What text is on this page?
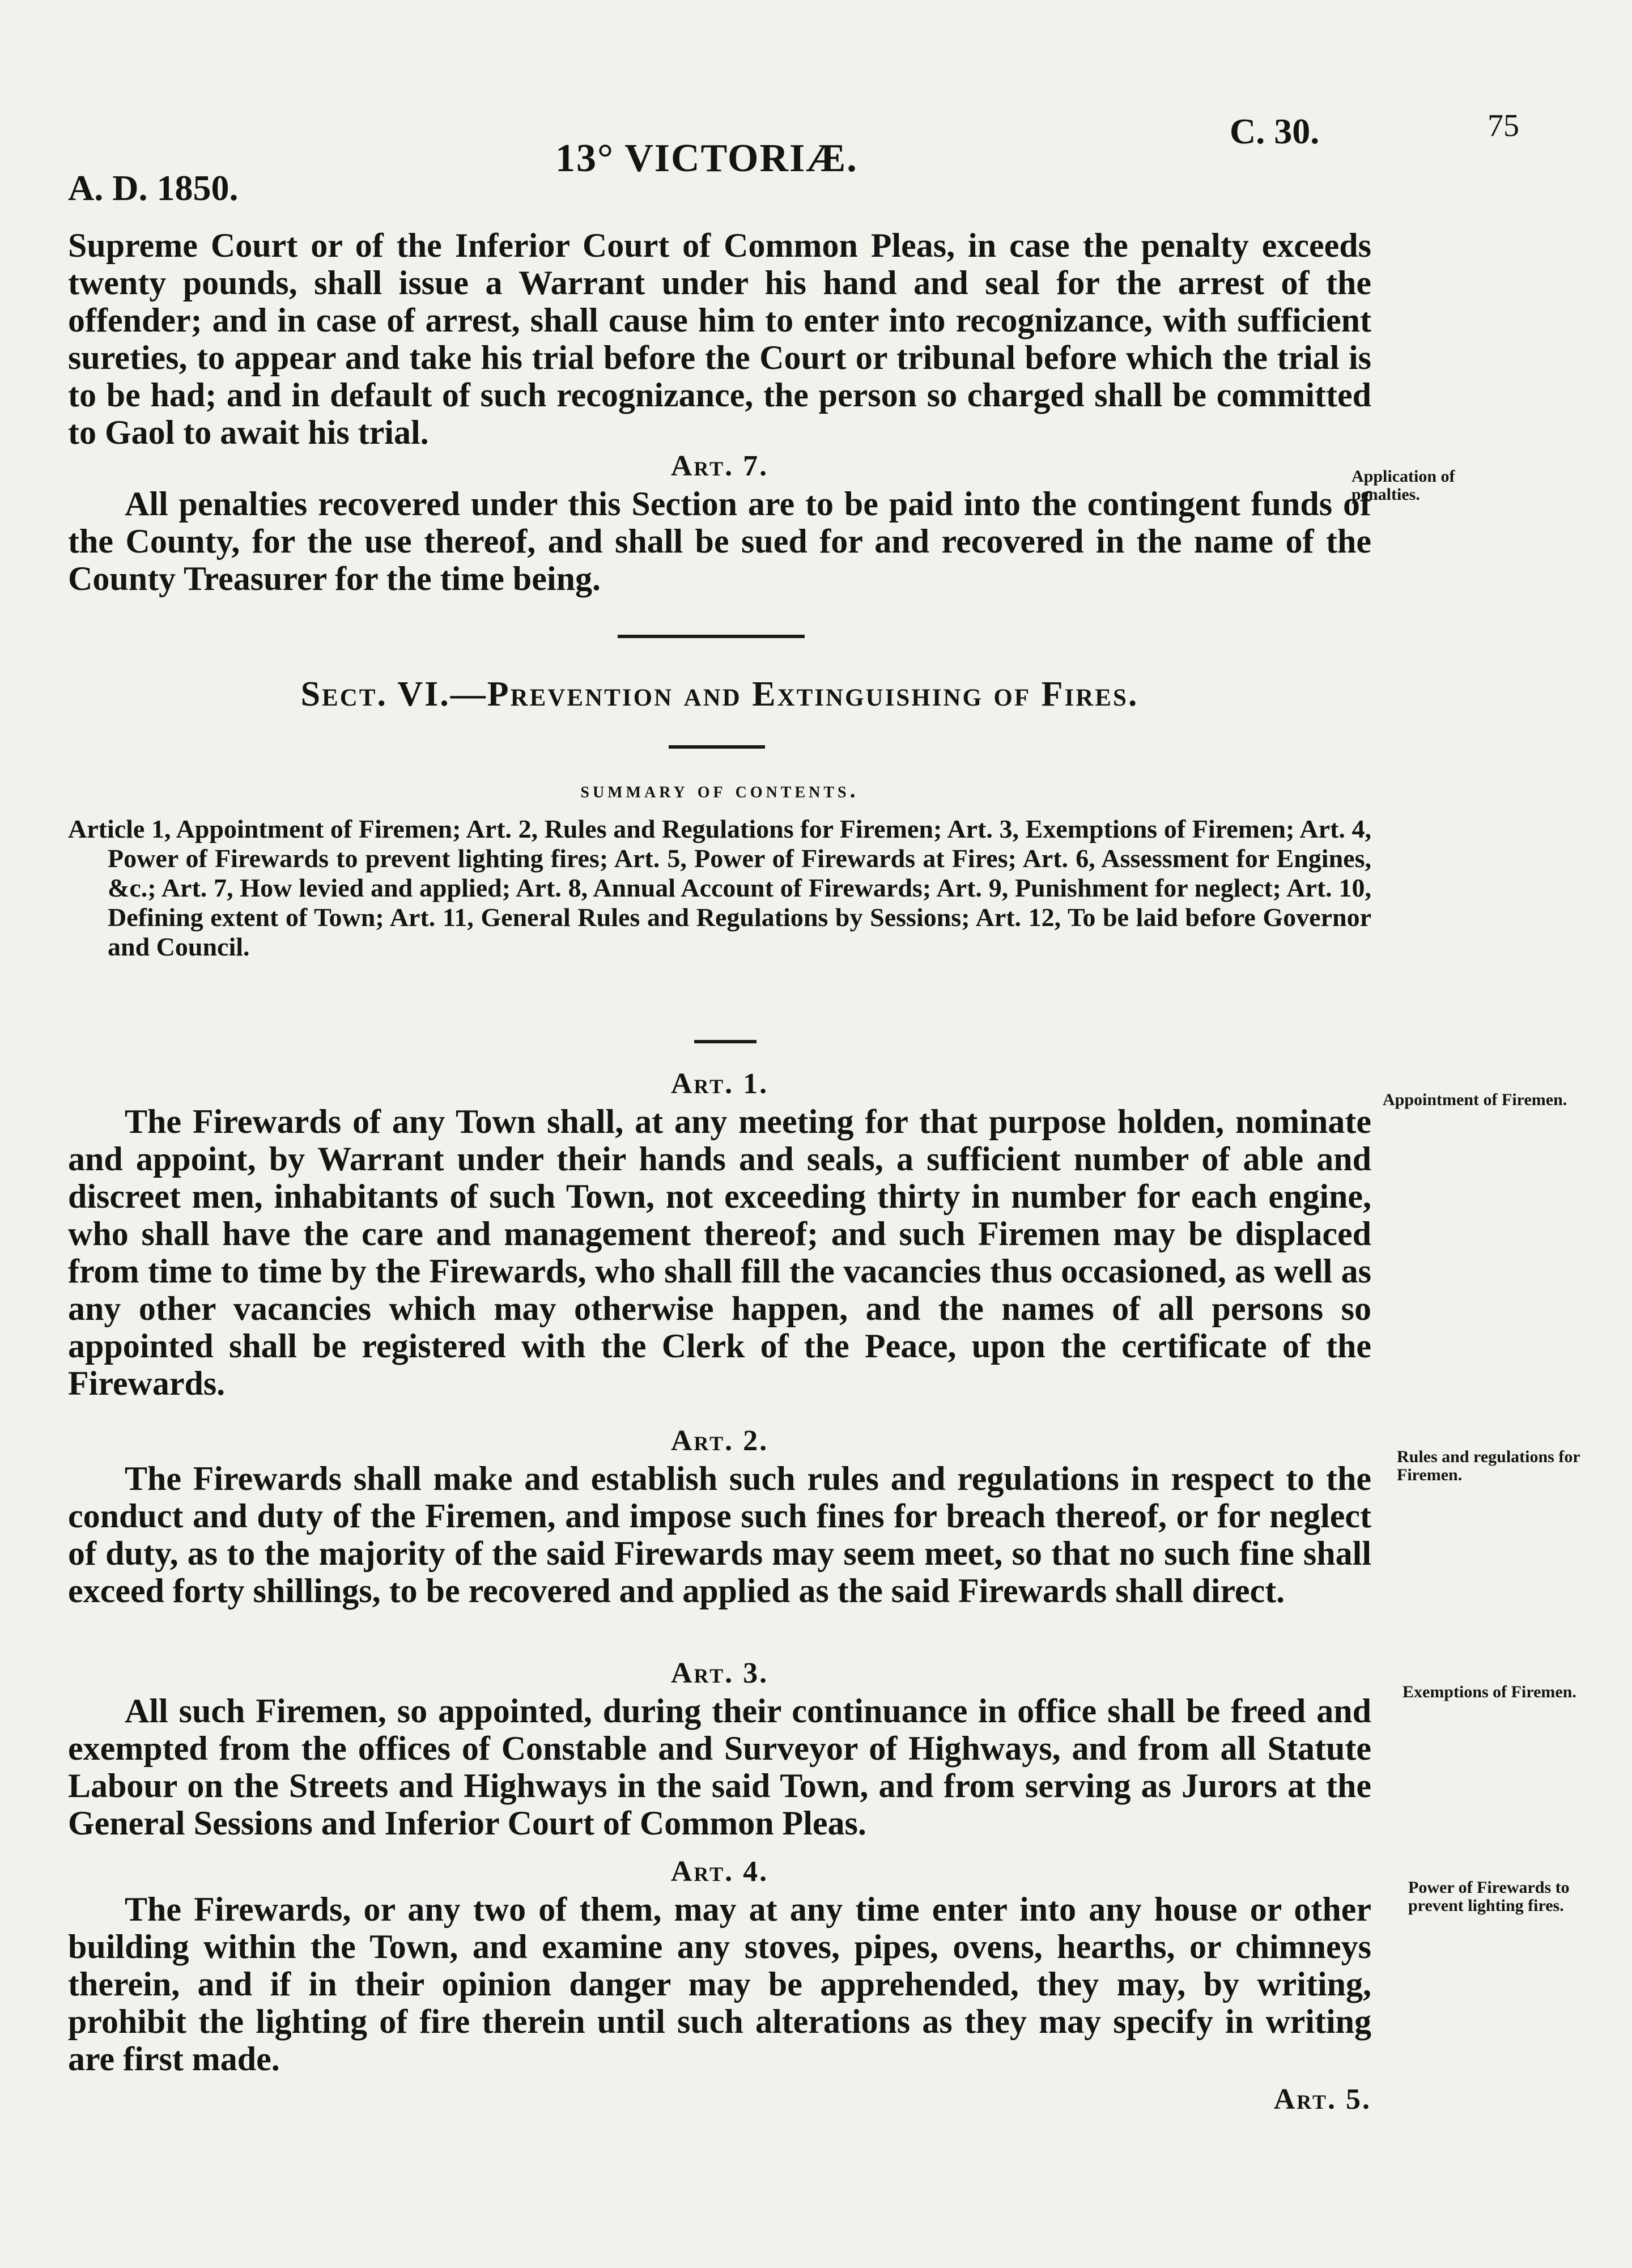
A. D. 1850.
13° VICTORIÆ.
C. 30.	75

Supreme Court or of the Inferior Court of Common Pleas, in case the penalty exceeds twenty pounds, shall issue a Warrant under his hand and seal for the arrest of the offender; and in case of arrest, shall cause him to enter into recognizance, with sufficient sureties, to appear and take his trial before the Court or tribunal before which the trial is to be had; and in default of such recognizance, the person so charged shall be committed to Gaol to await his trial.

Art. 7.

All penalties recovered under this Section are to be paid into the contingent funds of the County, for the use thereof, and shall be sued for and recovered in the name of the County Treasurer for the time being.

Application of penalties.
Sect. VI.—Prevention and Extinguishing of Fires.
summary of contents.

Article 1, Appointment of Firemen; Art. 2, Rules and Regulations for Firemen; Art. 3, Exemptions of Firemen; Art. 4, Power of Firewards to prevent lighting fires; Art. 5, Power of Firewards at Fires; Art. 6, Assessment for Engines, &c.; Art. 7, How levied and applied; Art. 8, Annual Account of Firewards; Art. 9, Punishment for neglect; Art. 10, Defining extent of Town; Art. 11, General Rules and Regulations by Sessions; Art. 12, To be laid before Governor and Council.

Art. 1.

The Firewards of any Town shall, at any meeting for that purpose holden, nominate and appoint, by Warrant under their hands and seals, a sufficient number of able and discreet men, inhabitants of such Town, not exceeding thirty in number for each engine, who shall have the care and management thereof; and such Firemen may be displaced from time to time by the Firewards, who shall fill the vacancies thus occasioned, as well as any other vacancies which may otherwise happen, and the names of all persons so appointed shall be registered with the Clerk of the Peace, upon the certificate of the Firewards.

Appointment of Firemen.

Art. 2.

The Firewards shall make and establish such rules and regulations in respect to the conduct and duty of the Firemen, and impose such fines for breach thereof, or for neglect of duty, as to the majority of the said Firewards may seem meet, so that no such fine shall exceed forty shillings, to be recovered and applied as the said Firewards shall direct.

Rules and regulations for Firemen.

Art. 3.

All such Firemen, so appointed, during their continuance in office shall be freed and exempted from the offices of Constable and Surveyor of Highways, and from all Statute Labour on the Streets and Highways in the said Town, and from serving as Jurors at the General Sessions and Inferior Court of Common Pleas.

Exemptions of Firemen.

Art. 4.

The Firewards, or any two of them, may at any time enter into any house or other building within the Town, and examine any stoves, pipes, ovens, hearths, or chimneys therein, and if in their opinion danger may be apprehended, they may, by writing, prohibit the lighting of fire therein until such alterations as they may specify in writing are first made.

Art. 5.

Power of Firewards to prevent lighting fires.
